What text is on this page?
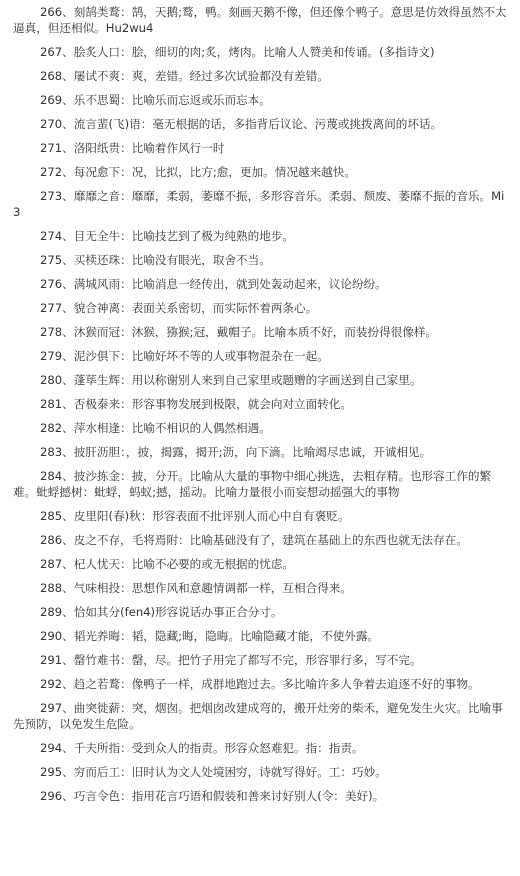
266、刻鹄类鹜：鹄，天鹅;鹜，鸭。刻画天鹅不像，但还像个鸭子。意思是仿效得虽然不太逼真，但还相似。Hu2wu4
267、脍炙人口：脍，细切的肉;炙，烤肉。比喻人人赞美和传诵。(多指诗文)
268、屡试不爽：爽，差错。经过多次试验都没有差错。
269、乐不思蜀：比喻乐而忘返或乐而忘本。
270、流言蜚(飞)语：毫无根据的话，多指背后议论、污蔑或挑拨离间的坏话。
271、洛阳纸贵：比喻着作风行一时
272、每况愈下：况，比拟，比方;愈，更加。情况越来越快。
273、靡靡之音：靡靡，柔弱，萎靡不振，多形容音乐。柔弱、颓废、萎靡不振的音乐。Mi3
274、目无全牛：比喻技艺到了极为纯熟的地步。
275、买椟还珠：比喻没有眼光，取舍不当。
276、满城风雨：比喻消息一经传出，就到处轰动起来，议论纷纷。
277、貌合神离：表面关系密切，而实际怀着两条心。
278、沐猴而冠：沐猴，猕猴;冠，戴帽子。比喻本质不好，而装扮得很像样。
279、泥沙俱下：比喻好坏不等的人或事物混杂在一起。
280、蓬荜生辉：用以称谢别人来到自己家里或题赠的字画送到自己家里。
281、否极泰来：形容事物发展到极限，就会向对立面转化。
282、萍水相逢：比喻不相识的人偶然相遇。
283、披肝沥胆：，披，揭露，揭开;沥，向下滴。比喻竭尽忠诚，开诚相见。
284、披沙拣金：披，分开。比喻从大量的事物中细心挑选，去粗存精。也形容工作的繁难。蚍蜉撼树：蚍蜉，蚂蚁;撼，摇动。比喻力量很小而妄想动摇强大的事物
285、皮里阳(春)秋：形容表面不批评别人而心中自有褒贬。
286、皮之不存，毛将焉附：比喻基础没有了，建筑在基础上的东西也就无法存在。
287、杞人忧天：比喻不必要的或无根据的忧虑。
288、气味相投：思想作风和意趣情调都一样，互相合得来。
289、恰如其分(fen4)形容说话办事正合分寸。
290、韬光养晦：韬，隐藏;晦，隐晦。比喻隐藏才能，不使外露。
291、罄竹难书：罄，尽。把竹子用完了都写不完，形容罪行多，写不完。
292、趋之若鹜：像鸭子一样，成群地跑过去。多比喻许多人争着去追逐不好的事物。
297、曲突徙薪：突，烟囱。把烟囱改建成弯的，搬开灶旁的柴禾，避免发生火灾。比喻事先预防，以免发生危险。
294、千夫所指：受到众人的指责。形容众怒难犯。指：指责。
295、穷而后工：旧时认为文人处境困穷，诗就写得好。工：巧妙。
296、巧言令色：指用花言巧语和假装和善来讨好别人(令：美好)。
